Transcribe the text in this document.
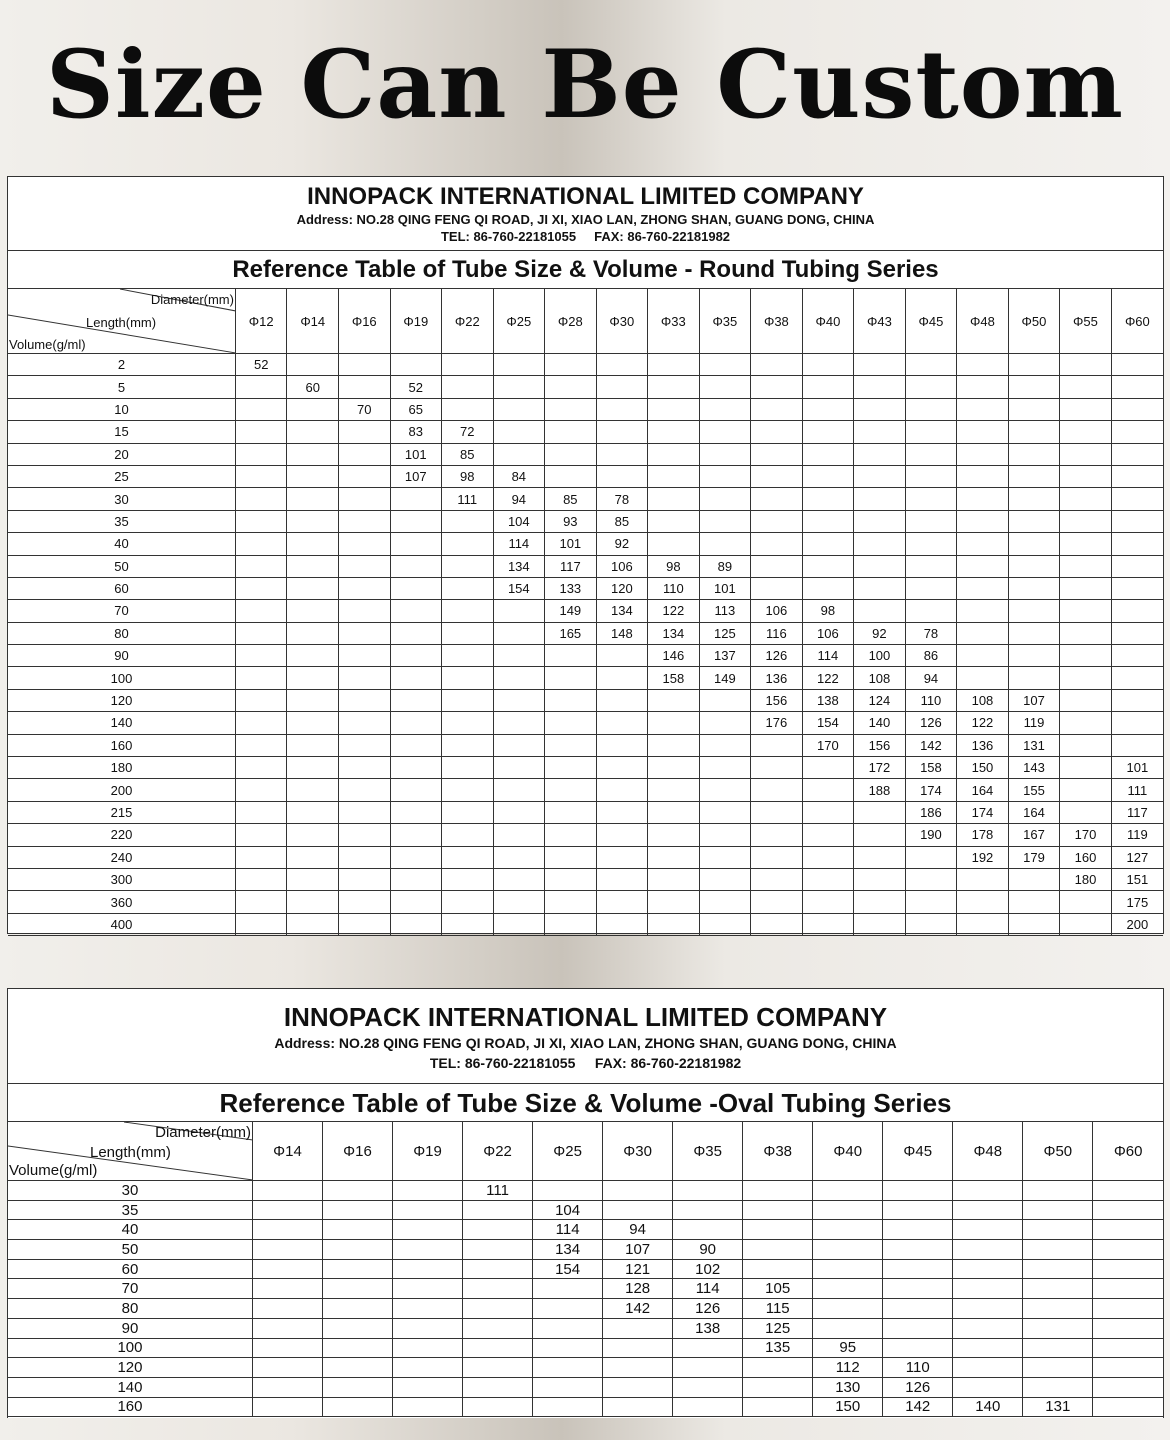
Size Can Be Custom
INNOPACK INTERNATIONAL LIMITED COMPANY
Address: NO.28 QING FENG QI ROAD, JI XI, XIAO LAN, ZHONG SHAN, GUANG DONG, CHINA
TEL: 86-760-22181055     FAX: 86-760-22181982
Reference Table of Tube Size & Volume - Round Tubing Series
Diameter(mm)
Length(mm)
Volume(g/ml)	Φ12	Φ14	Φ16	Φ19	Φ22	Φ25	Φ28	Φ30	Φ33	Φ35	Φ38	Φ40	Φ43	Φ45	Φ48	Φ50	Φ55	Φ60
2	52																	
5		60		52														
10			70	65														
15				83	72													
20				101	85													
25				107	98	84												
30					111	94	85	78										
35						104	93	85										
40						114	101	92										
50						134	117	106	98	89								
60						154	133	120	110	101								
70							149	134	122	113	106	98						
80							165	148	134	125	116	106	92	78				
90									146	137	126	114	100	86				
100									158	149	136	122	108	94				
120											156	138	124	110	108	107		
140											176	154	140	126	122	119		
160												170	156	142	136	131		
180													172	158	150	143		101
200													188	174	164	155		111
215														186	174	164		117
220														190	178	167	170	119
240															192	179	160	127
300																	180	151
360																		175
400																		200
INNOPACK INTERNATIONAL LIMITED COMPANY
Address: NO.28 QING FENG QI ROAD, JI XI, XIAO LAN, ZHONG SHAN, GUANG DONG, CHINA
TEL: 86-760-22181055     FAX: 86-760-22181982
Reference Table of Tube Size & Volume -Oval Tubing Series
Diameter(mm)
Length(mm)
Volume(g/ml)	Φ14	Φ16	Φ19	Φ22	Φ25	Φ30	Φ35	Φ38	Φ40	Φ45	Φ48	Φ50	Φ60
30				111									
35					104								
40					114	94							
50					134	107	90						
60					154	121	102						
70						128	114	105					
80						142	126	115					
90							138	125					
100								135	95				
120									112	110			
140									130	126			
160									150	142	140	131	
